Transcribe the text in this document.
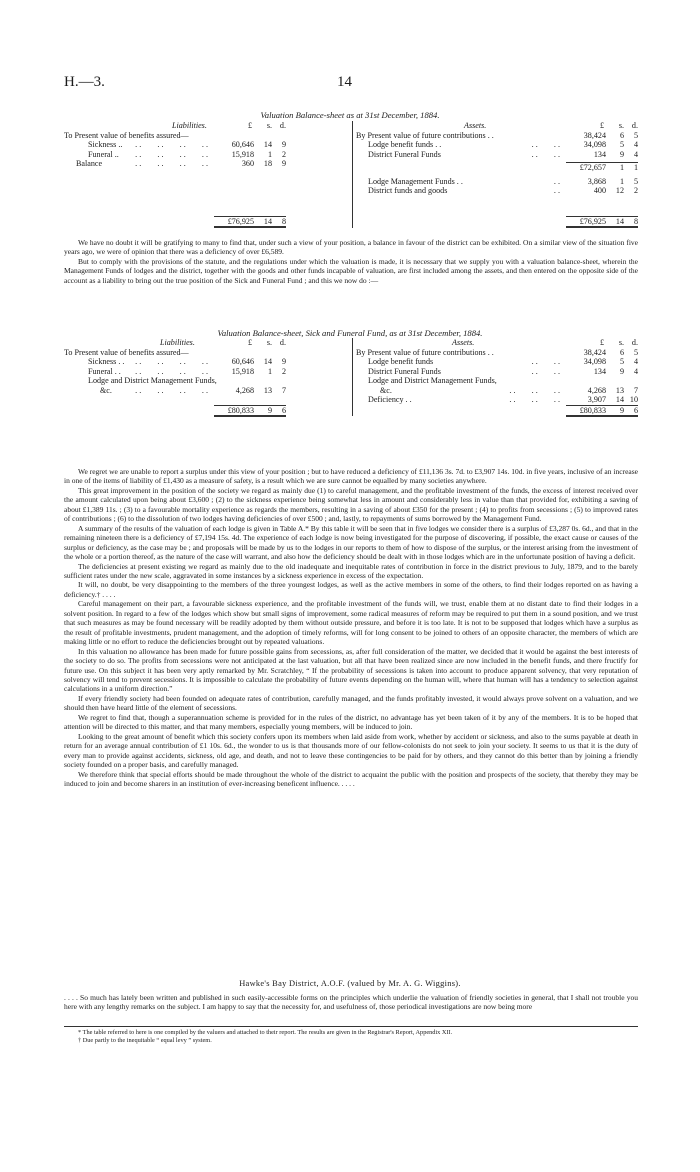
H.—3.	14
Valuation Balance-sheet as at 31st December, 1884.
Liabilities.	£	s. d.
To Present value of benefits assured—
Sickness .. . .        . .        . .        . .	60,646	14	9
Funeral .. . .        . .        . .        . .	15,918	1	2
Balance	. .        . .        . .        . .	360	18	9
£76,925	14	8
Assets.	£	s. d.
By Present value of future contributions . .	38,424	6	5
Lodge benefit funds . .	. .        . .	34,098	5	4
District Funeral Funds	. .        . .	134	9	4
£72,657	1	1
Lodge Management Funds . .	. .	3,868	1	5
District funds and goods	. .	400	12	2
£76,925	14	8

We have no doubt it will be gratifying to many to find that, under such a view of your position, a balance in favour of the district can be exhibited. On a similar view of the situation five years ago, we were of opinion that there was a deficiency of over £6,589.

But to comply with the provisions of the statute, and the regulations under which the valuation is made, it is necessary that we supply you with a valuation balance-sheet, wherein the Management Funds of lodges and the district, together with the goods and other funds incapable of valuation, are first included among the assets, and then entered on the opposite side of the account as a liability to bring out the true position of the Sick and Funeral Fund ; and this we now do :—

Valuation Balance-sheet, Sick and Funeral Fund, as at 31st December, 1884.
Liabilities.	£	s. d.
To Present value of benefits assured—
Sickness . . . .        . .        . .        . .	60,646	14	9
Funeral . . . .        . .        . .        . .	15,918	1	2
Lodge and District Management Funds,
&c.	. .        . .        . .        . .	4,268	13	7
£80,833	9	6
Assets.	£	s. d.
By Present value of future contributions . .	38,424	6	5
Lodge benefit funds	. .        . .	34,098	5	4
District Funeral Funds	. .        . .	134	9	4
Lodge and District Management Funds,
&c.	. .        . .        . .	4,268	13	7
Deficiency . .	. .        . .        . .	3,907	14 10
£80,833	9	6

We regret we are unable to report a surplus under this view of your position ; but to have reduced a deficiency of £11,136 3s. 7d. to £3,907 14s. 10d. in five years, inclusive of an increase in one of the items of liability of £1,430 as a measure of safety, is a result which we are sure cannot be equalled by many societies anywhere.

This great improvement in the position of the society we regard as mainly due (1) to careful management, and the profitable investment of the funds, the excess of interest received over the amount calculated upon being about £3,600 ; (2) to the sickness experience being somewhat less in amount and considerably less in value than that provided for, exhibiting a saving of about £1,389 11s. ; (3) to a favourable mortality experience as regards the members, resulting in a saving of about £350 for the present ; (4) to profits from secessions ; (5) to improved rates of contributions ; (6) to the dissolution of two lodges having deficiencies of over £500 ; and, lastly, to repayments of sums borrowed by the Management Fund.

A summary of the results of the valuation of each lodge is given in Table A.* By this table it will be seen that in five lodges we consider there is a surplus of £3,287 0s. 6d., and that in the remaining nineteen there is a deficiency of £7,194 15s. 4d. The experience of each lodge is now being investigated for the purpose of discovering, if possible, the exact cause or causes of the surplus or deficiency, as the case may be ; and proposals will be made by us to the lodges in our reports to them of how to dispose of the surplus, or the interest arising from the investment of the whole or a portion thereof, as the nature of the case will warrant, and also how the deficiency should be dealt with in those lodges which are in the unfortunate position of having a deficit.

The deficiencies at present existing we regard as mainly due to the old inadequate and inequitable rates of contribution in force in the district previous to July, 1879, and to the barely sufficient rates under the new scale, aggravated in some instances by a sickness experience in excess of the expectation.

It will, no doubt, be very disappointing to the members of the three youngest lodges, as well as the active members in some of the others, to find their lodges reported on as having a deficiency.† . . . .

Careful management on their part, a favourable sickness experience, and the profitable investment of the funds will, we trust, enable them at no distant date to find their lodges in a solvent position. In regard to a few of the lodges which show but small signs of improvement, some radical measures of reform may be required to put them in a sound position, and we trust that such measures as may be found necessary will be readily adopted by them without outside pressure, and before it is too late. It is not to be supposed that lodges which have a surplus as the result of profitable investments, prudent management, and the adoption of timely reforms, will for long consent to be joined to others of an opposite character, the members of which are making little or no effort to reduce the deficiencies brought out by repeated valuations.

In this valuation no allowance has been made for future possible gains from secessions, as, after full consideration of the matter, we decided that it would be against the best interests of the society to do so. The profits from secessions were not anticipated at the last valuation, but all that have been realized since are now included in the benefit funds, and there fructify for future use. On this subject it has been very aptly remarked by Mr. Scratchley, “ If the probability of secessions is taken into account to produce apparent solvency, that very reputation of solvency will tend to prevent secessions. It is impossible to calculate the probability of future events depending on the human will, where that human will has a tendency to selection against calculations in a uniform direction.”

If every friendly society had been founded on adequate rates of contribution, carefully managed, and the funds profitably invested, it would always prove solvent on a valuation, and we should then have heard little of the element of secessions.

We regret to find that, though a superannuation scheme is provided for in the rules of the district, no advantage has yet been taken of it by any of the members. It is to be hoped that attention will be directed to this matter, and that many members, especially young members, will be induced to join.

Looking to the great amount of benefit which this society confers upon its members when laid aside from work, whether by accident or sickness, and also to the sums payable at death in return for an average annual contribution of £1 10s. 6d., the wonder to us is that thousands more of our fellow-colonists do not seek to join your society. It seems to us that it is the duty of every man to provide against accidents, sickness, old age, and death, and not to leave these contingencies to be paid for by others, and they cannot do this better than by joining a friendly society founded on a proper basis, and carefully managed.

We therefore think that special efforts should be made throughout the whole of the district to acquaint the public with the position and prospects of the society, that thereby they may be induced to join and become sharers in an institution of ever-increasing beneficent influence. . . . .

Hawke's Bay District, A.O.F. (valued by Mr. A. G. Wiggins).

. . . . So much has lately been written and published in such easily-accessible forms on the principles which underlie the valuation of friendly societies in general, that I shall not trouble you here with any lengthy remarks on the subject. I am happy to say that the necessity for, and usefulness of, those periodical investigations are now being more

* The table referred to here is one compiled by the valuers and attached to their report. The results are given in the Registrar's Report, Appendix XII.

† Due partly to the inequitable “ equal levy ” system.
